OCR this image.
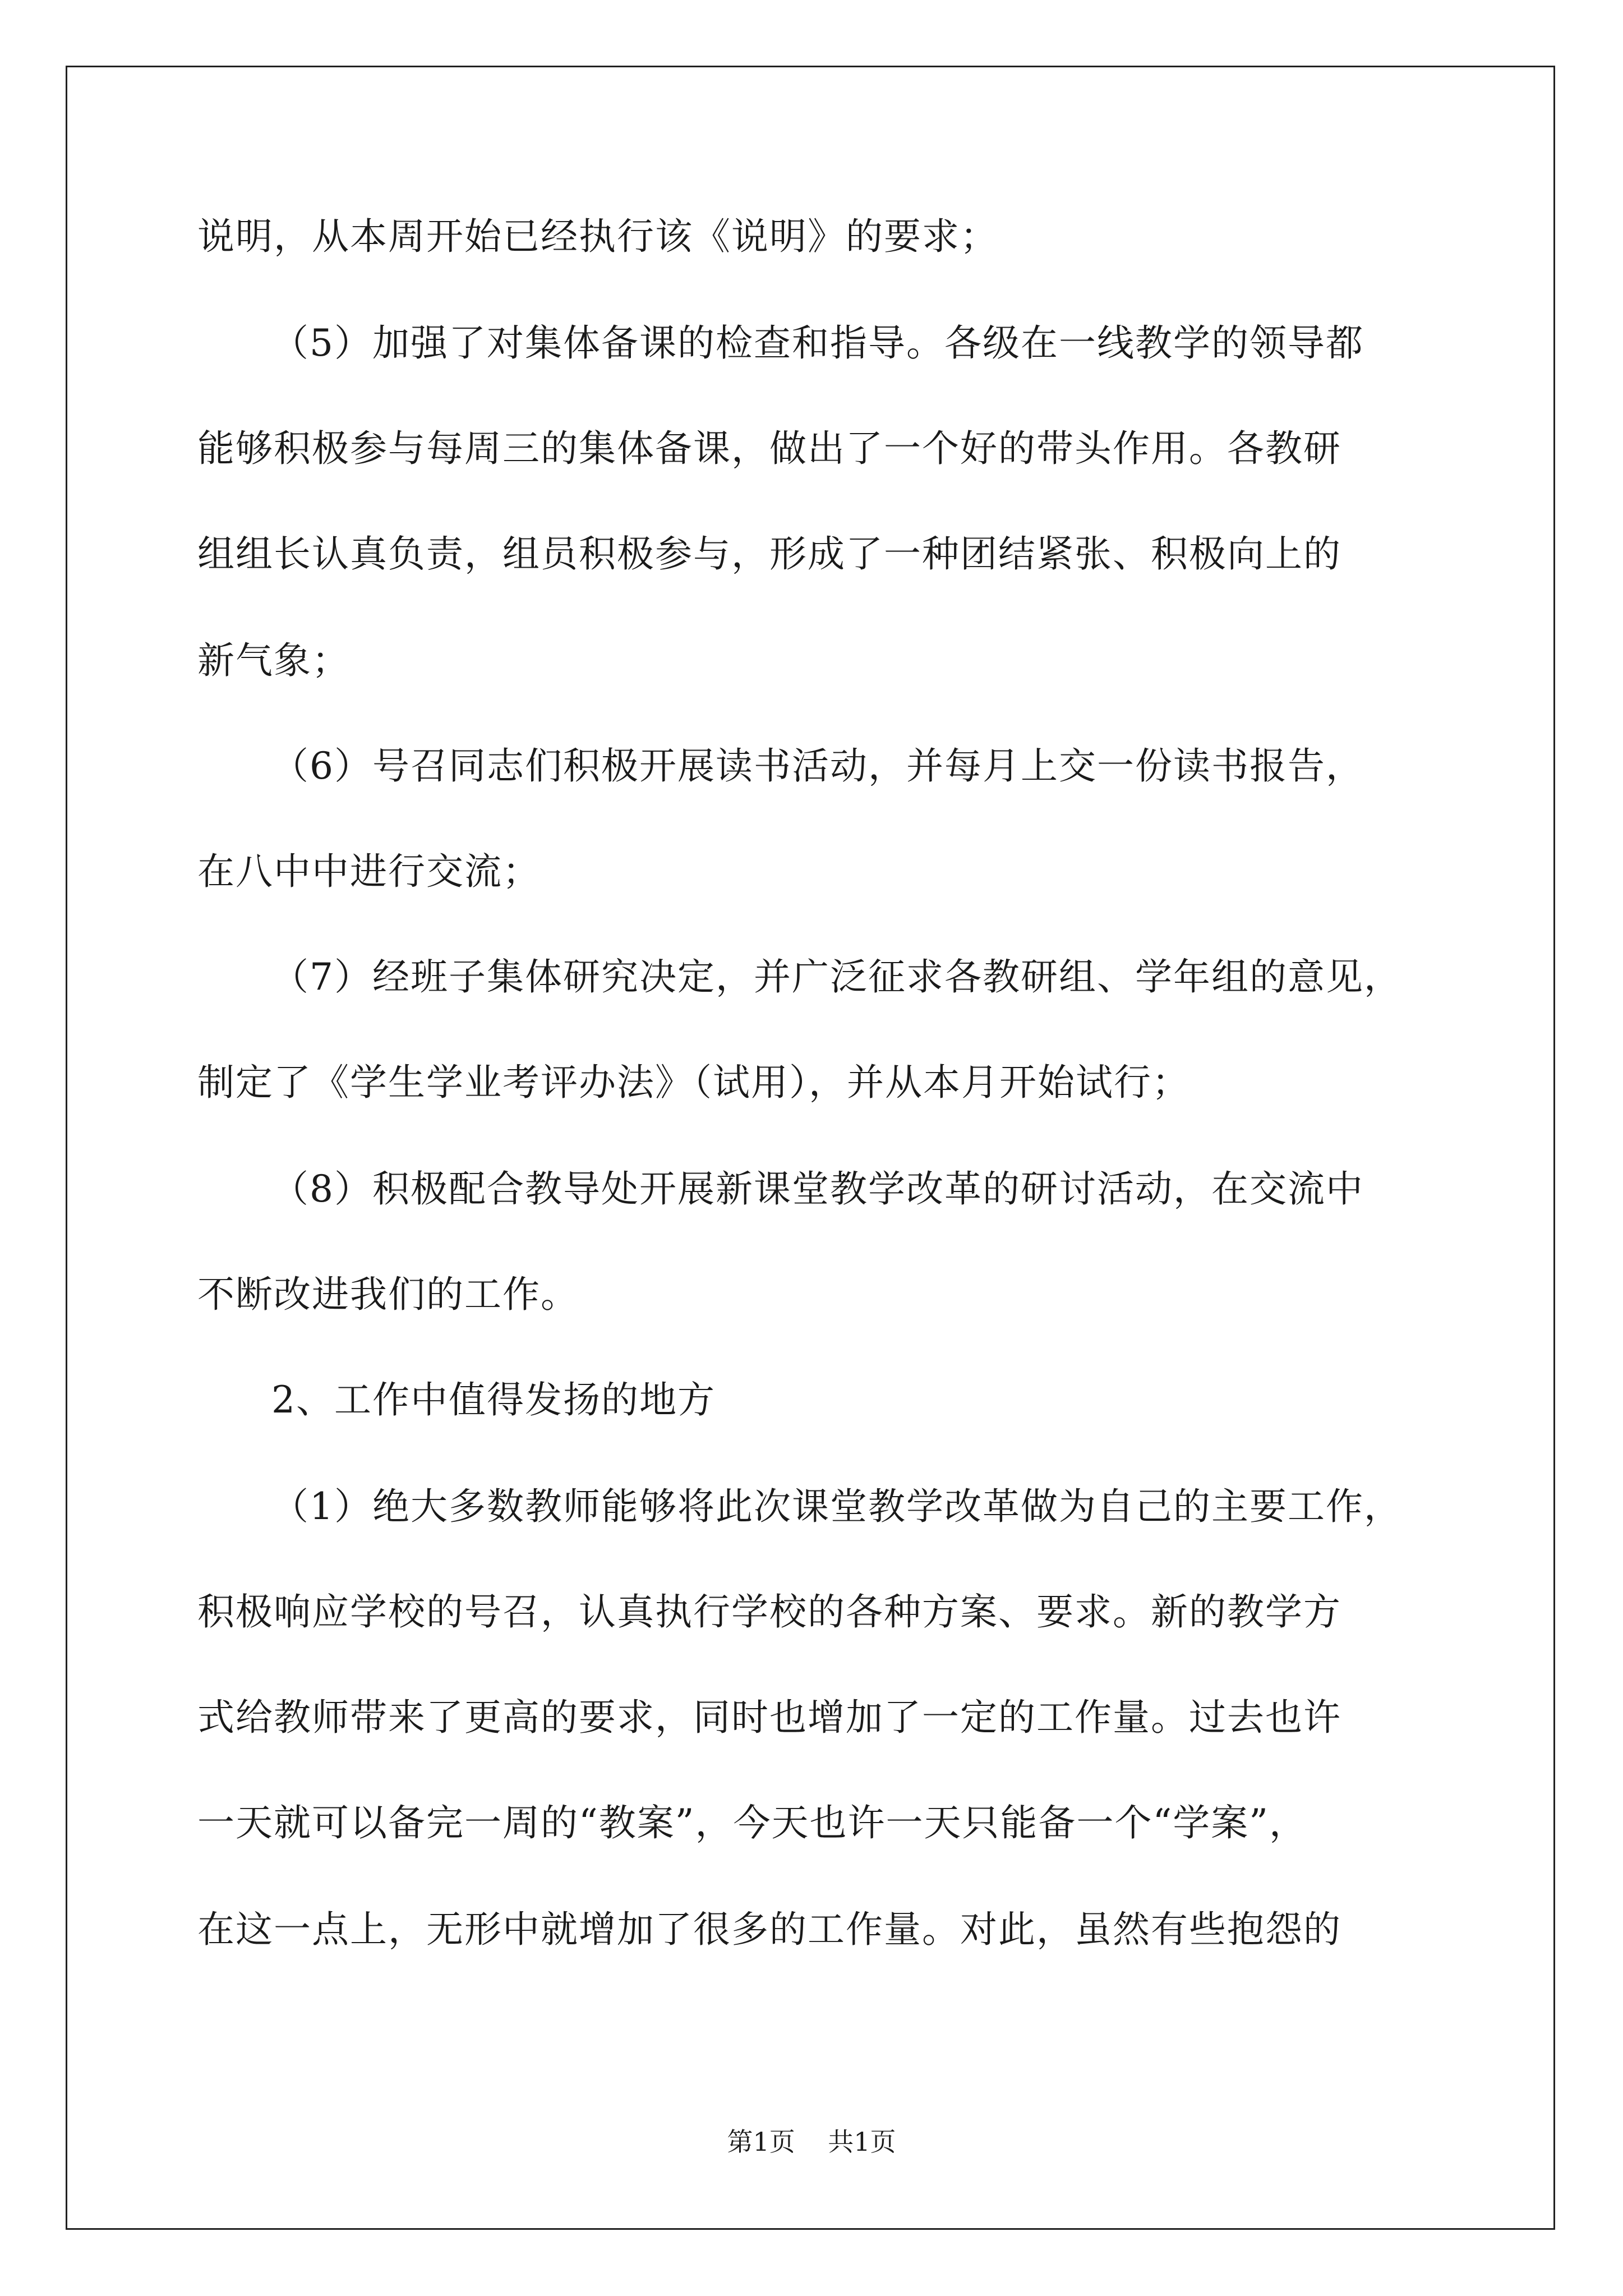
说明，从本周开始已经执行该《说明》的要求；
（5）加强了对集体备课的检查和指导。各级在一线教学的领导都
能够积极参与每周三的集体备课，做出了一个好的带头作用。各教研
组组长认真负责，组员积极参与，形成了一种团结紧张、积极向上的
新气象；
（6）号召同志们积极开展读书活动，并每月上交一份读书报告，
在八中中进行交流；
（7）经班子集体研究决定，并广泛征求各教研组、学年组的意见，
制定了《学生学业考评办法》（试用），并从本月开始试行；
（8）积极配合教导处开展新课堂教学改革的研讨活动，在交流中
不断改进我们的工作。
2、工作中值得发扬的地方
（1）绝大多数教师能够将此次课堂教学改革做为自己的主要工作，
积极响应学校的号召，认真执行学校的各种方案、要求。新的教学方
式给教师带来了更高的要求，同时也增加了一定的工作量。过去也许
一天就可以备完一周的“教案”，今天也许一天只能备一个“学案”，
在这一点上，无形中就增加了很多的工作量。对此，虽然有些抱怨的
第1页    共1页
